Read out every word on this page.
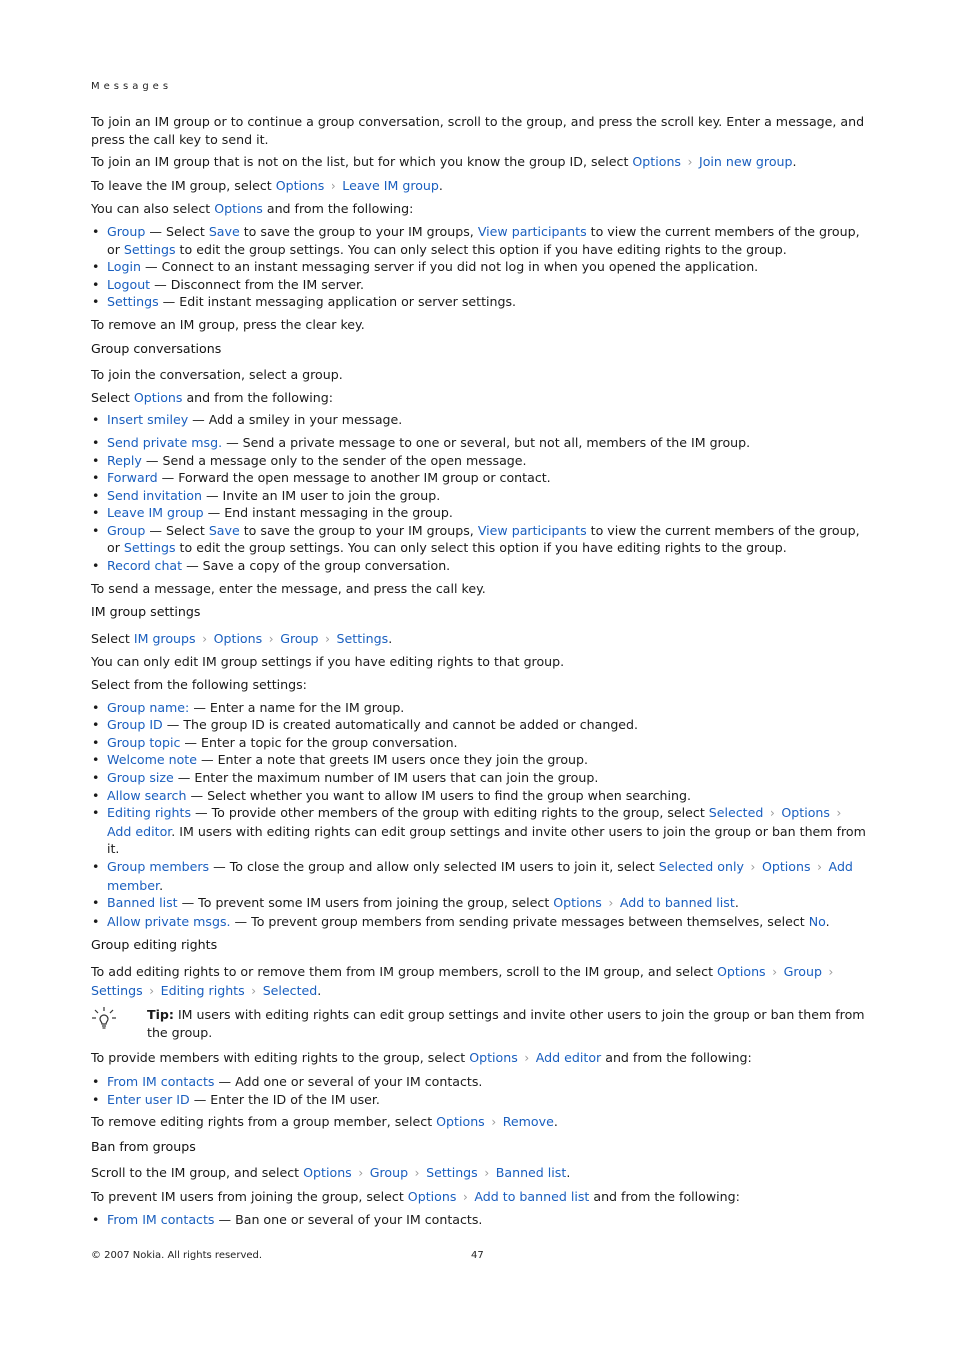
Messages

To join an IM group or to continue a group conversation, scroll to the group, and press the scroll key. Enter a message, and press the call key to send it.

To join an IM group that is not on the list, but for which you know the group ID, select Options › Join new group.

To leave the IM group, select Options › Leave IM group.

You can also select Options and from the following:

• Group — Select Save to save the group to your IM groups, View participants to view the current members of the group, or Settings to edit the group settings. You can only select this option if you have editing rights to the group.
• Login — Connect to an instant messaging server if you did not log in when you opened the application.
• Logout — Disconnect from the IM server.
• Settings — Edit instant messaging application or server settings.

To remove an IM group, press the clear key.

Group conversations

To join the conversation, select a group.

Select Options and from the following:

• Insert smiley — Add a smiley in your message.
• Send private msg. — Send a private message to one or several, but not all, members of the IM group.
• Reply — Send a message only to the sender of the open message.
• Forward — Forward the open message to another IM group or contact.
• Send invitation — Invite an IM user to join the group.
• Leave IM group — End instant messaging in the group.
• Group — Select Save to save the group to your IM groups, View participants to view the current members of the group, or Settings to edit the group settings. You can only select this option if you have editing rights to the group.
• Record chat — Save a copy of the group conversation.

To send a message, enter the message, and press the call key.

IM group settings

Select IM groups › Options › Group › Settings.

You can only edit IM group settings if you have editing rights to that group.

Select from the following settings:

• Group name: — Enter a name for the IM group.
• Group ID — The group ID is created automatically and cannot be added or changed.
• Group topic — Enter a topic for the group conversation.
• Welcome note — Enter a note that greets IM users once they join the group.
• Group size — Enter the maximum number of IM users that can join the group.
• Allow search — Select whether you want to allow IM users to find the group when searching.
• Editing rights — To provide other members of the group with editing rights to the group, select Selected › Options ›Add editor. IM users with editing rights can edit group settings and invite other users to join the group or ban them from it.
• Group members — To close the group and allow only selected IM users to join it, select Selected only › Options › Add member.
• Banned list — To prevent some IM users from joining the group, select Options › Add to banned list.
• Allow private msgs. — To prevent group members from sending private messages between themselves, select No.
Group editing rights

To add editing rights to or remove them from IM group members, scroll to the IM group, and select Options › Group ›Settings › Editing rights › Selected.

Tip: IM users with editing rights can edit group settings and invite other users to join the group or ban them from the group.

To provide members with editing rights to the group, select Options › Add editor and from the following:

• From IM contacts — Add one or several of your IM contacts.
• Enter user ID — Enter the ID of the IM user.

To remove editing rights from a group member, select Options › Remove.

Ban from groups

Scroll to the IM group, and select Options › Group › Settings › Banned list.

To prevent IM users from joining the group, select Options › Add to banned list and from the following:

• From IM contacts — Ban one or several of your IM contacts.
© 2007 Nokia. All rights reserved.	47
